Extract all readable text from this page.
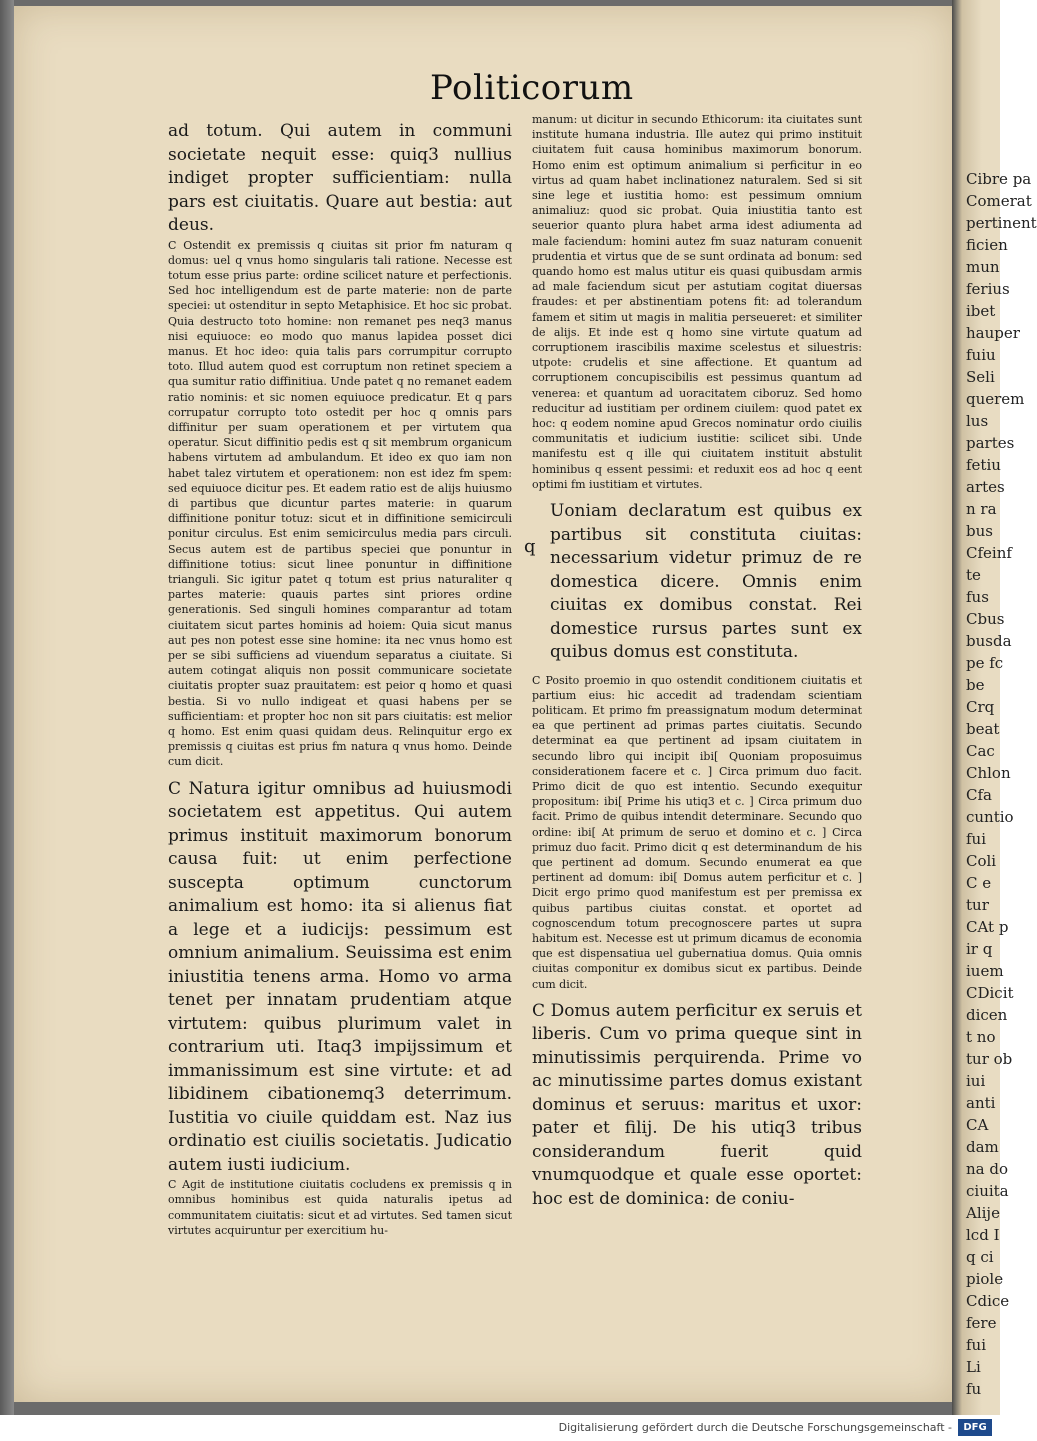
Politicorum

ad totum. Qui autem in communi societate nequit esse: quiq3 nullius indiget propter sufficientiam: nulla pars est ciuitatis. Quare aut bestia: aut deus.

C Ostendit ex premissis q ciuitas sit prior fm naturam q domus: uel q vnus homo singularis tali ratione. Necesse est totum esse prius parte: ordine scilicet nature et perfectionis. Sed hoc intelligendum est de parte materie: non de parte speciei: ut ostenditur in septo Metaphisice. Et hoc sic probat. Quia destructo toto homine: non remanet pes neq3 manus nisi equiuoce: eo modo quo manus lapidea posset dici manus. Et hoc ideo: quia talis pars corrumpitur corrupto toto. Illud autem quod est corruptum non retinet speciem a qua sumitur ratio diffinitiua. Unde patet q no remanet eadem ratio nominis: et sic nomen equiuoce predicatur. Et q pars corrupatur corrupto toto ostedit per hoc q omnis pars diffinitur per suam operationem et per virtutem qua operatur. Sicut diffinitio pedis est q sit membrum organicum habens virtutem ad ambulandum. Et ideo ex quo iam non habet talez virtutem et operationem: non est idez fm spem: sed equiuoce dicitur pes. Et eadem ratio est de alijs huiusmo di partibus que dicuntur partes materie: in quarum diffinitione ponitur totuz: sicut et in diffinitione semicirculi ponitur circulus. Est enim semicirculus media pars circuli. Secus autem est de partibus speciei que ponuntur in diffinitione totius: sicut linee ponuntur in diffinitione trianguli. Sic igitur patet q totum est prius naturaliter q partes materie: quauis partes sint priores ordine generationis. Sed singuli homines comparantur ad totam ciuitatem sicut partes hominis ad hoiem: Quia sicut manus aut pes non potest esse sine homine: ita nec vnus homo est per se sibi sufficiens ad viuendum separatus a ciuitate. Si autem cotingat aliquis non possit communicare societate ciuitatis propter suaz prauitatem: est peior q homo et quasi bestia. Si vo nullo indigeat et quasi habens per se sufficientiam: et propter hoc non sit pars ciuitatis: est melior q homo. Est enim quasi quidam deus. Relinquitur ergo ex premissis q ciuitas est prius fm natura q vnus homo. Deinde cum dicit.

C Natura igitur omnibus ad huiusmodi societatem est appetitus. Qui autem primus instituit maximorum bonorum causa fuit: ut enim perfectione suscepta optimum cunctorum animalium est homo: ita si alienus fiat a lege et a iudicijs: pessimum est omnium animalium. Seuissima est enim iniustitia tenens arma. Homo vo arma tenet per innatam prudentiam atque virtutem: quibus plurimum valet in contrarium uti. Itaq3 impijssimum et immanissimum est sine virtute: et ad libidinem cibationemq3 deterrimum. Iustitia vo ciuile quiddam est. Naz ius ordinatio est ciuilis societatis. Judicatio autem iusti iudicium.

C Agit de institutione ciuitatis cocludens ex premissis q in omnibus hominibus est quida naturalis ipetus ad communitatem ciuitatis: sicut et ad virtutes. Sed tamen sicut virtutes acquiruntur per exercitium hu-

q

manum: ut dicitur in secundo Ethicorum: ita ciuitates sunt institute humana industria. Ille autez qui primo instituit ciuitatem fuit causa hominibus maximorum bonorum. Homo enim est optimum animalium si perficitur in eo virtus ad quam habet inclinationez naturalem. Sed si sit sine lege et iustitia homo: est pessimum omnium animaliuz: quod sic probat. Quia iniustitia tanto est seuerior quanto plura habet arma idest adiumenta ad male faciendum: homini autez fm suaz naturam conuenit prudentia et virtus que de se sunt ordinata ad bonum: sed quando homo est malus utitur eis quasi quibusdam armis ad male faciendum sicut per astutiam cogitat diuersas fraudes: et per abstinentiam potens fit: ad tolerandum famem et sitim ut magis in malitia perseueret: et similiter de alijs. Et inde est q homo sine virtute quatum ad corruptionem irascibilis maxime scelestus et siluestris: utpote: crudelis et sine affectione. Et quantum ad corruptionem concupiscibilis est pessimus quantum ad venerea: et quantum ad uoracitatem ciboruz. Sed homo reducitur ad iustitiam per ordinem ciuilem: quod patet ex hoc: q eodem nomine apud Grecos nominatur ordo ciuilis communitatis et iudicium iustitie: scilicet sibi. Unde manifestu est q ille qui ciuitatem instituit abstulit hominibus q essent pessimi: et reduxit eos ad hoc q eent optimi fm iustitiam et virtutes.

Uoniam declaratum est quibus ex partibus sit constituta ciuitas: necessarium videtur primuz de re domestica dicere. Omnis enim ciuitas ex domibus constat. Rei domestice rursus partes sunt ex quibus domus est constituta.

C Posito proemio in quo ostendit conditionem ciuitatis et partium eius: hic accedit ad tradendam scientiam politicam. Et primo fm preassignatum modum determinat ea que pertinent ad primas partes ciuitatis. Secundo determinat ea que pertinent ad ipsam ciuitatem in secundo libro qui incipit ibi[ Quoniam proposuimus considerationem facere et c. ] Circa primum duo facit. Primo dicit de quo est intentio. Secundo exequitur propositum: ibi[ Prime his utiq3 et c. ] Circa primum duo facit. Primo de quibus intendit determinare. Secundo quo ordine: ibi[ At primum de seruo et domino et c. ] Circa primuz duo facit. Primo dicit q est determinandum de his que pertinent ad domum. Secundo enumerat ea que pertinent ad domum: ibi[ Domus autem perficitur et c. ] Dicit ergo primo quod manifestum est per premissa ex quibus partibus ciuitas constat. et oportet ad cognoscendum totum precognoscere partes ut supra habitum est. Necesse est ut primum dicamus de economia que est dispensatiua uel gubernatiua domus. Quia omnis ciuitas componitur ex domibus sicut ex partibus. Deinde cum dicit.

C Domus autem perficitur ex seruis et liberis. Cum vo prima queque sint in minutissimis perquirenda. Prime vo ac minutissime partes domus existant dominus et seruus: maritus et uxor: pater et filij. De his utiq3 tribus considerandum fuerit quid vnumquodque et quale esse oportet: hoc est de dominica: de coniu-

Cibre pa
Comerat
pertinent
ficien
mun
ferius
ibet
hauper
fuiu
Seli
querem
lus
partes
fetiu
artes
n ra
bus
Cfeinf
te
fus
Cbus
busda
pe fc
be
Crq
beat
Cac
Chlon
Cfa
cuntio
fui
Coli
C e
tur
CAt p
ir q
iuem
CDicit
dicen
t no
tur ob
iui
anti
CA
dam
na do
ciuita
Alije
lcd I
q ci
piole
Cdice
fere
fui
Li
fu
Digitalisierung gefördert durch die Deutsche Forschungsgemeinschaft -	DFG
